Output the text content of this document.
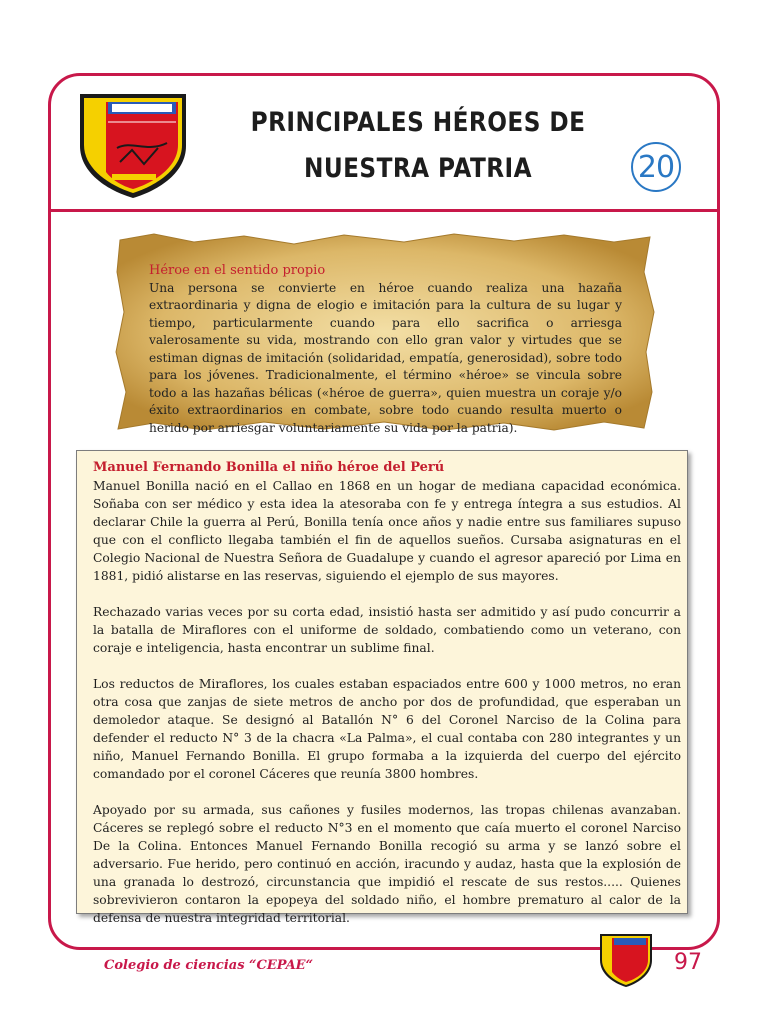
PRINCIPALES HÉROES DE
NUESTRA PATRIA	20
Héroe en el sentido propio
Una persona se convierte en héroe cuando realiza una hazaña extraordinaria y digna de elogio e imitación para la cultura de su lugar y tiempo, particularmente cuando para ello sacrifica o arriesga valerosamente su vida, mostrando con ello gran valor y virtudes que se estiman dignas de imitación (solidaridad, empatía, generosidad), sobre todo para los jóvenes. Tradicionalmente, el término «héroe» se vincula sobre todo a las hazañas bélicas («héroe de guerra», quien muestra un coraje y/o éxito extraordinarios en combate, sobre todo cuando resulta muerto o herido por arriesgar voluntariamente su vida por la patria).
Manuel Fernando Bonilla el niño héroe del Perú

Manuel Bonilla nació en el Callao en 1868 en un hogar de mediana capacidad económica. Soñaba con ser médico y esta idea la atesoraba con fe y entrega íntegra a sus estudios. Al declarar Chile la guerra al Perú, Bonilla tenía once años y nadie entre sus familiares supuso que con el conflicto llegaba también el fin de aquellos sueños. Cursaba asignaturas en el Colegio Nacional de Nuestra Señora de Guadalupe y cuando el agresor apareció por Lima en 1881, pidió alistarse en las reservas, siguiendo el ejemplo de sus mayores.

Rechazado varias veces por su corta edad, insistió hasta ser admitido y así pudo concurrir a la batalla de Miraflores con el uniforme de soldado, combatiendo como un veterano, con coraje e inteligencia, hasta encontrar un sublime final.

Los reductos de Miraflores, los cuales estaban espaciados entre 600 y 1000 metros, no eran otra cosa que zanjas de siete metros de ancho por dos de profundidad, que esperaban un demoledor ataque. Se designó al Batallón N° 6 del Coronel Narciso de la Colina para defender el reducto N° 3 de la chacra «La Palma», el cual contaba con 280 integrantes y un niño, Manuel Fernando Bonilla. El grupo formaba a la izquierda del cuerpo del ejército comandado por el coronel Cáceres que reunía 3800 hombres.

Apoyado por su armada, sus cañones y fusiles modernos, las tropas chilenas avanzaban. Cáceres se replegó sobre el reducto N°3 en el momento que caía muerto el coronel Narciso De la Colina. Entonces Manuel Fernando Bonilla recogió su arma y se lanzó sobre el adversario. Fue herido, pero continuó en acción, iracundo y audaz, hasta que la explosión de una granada lo destrozó, circunstancia que impidió el rescate de sus restos..... Quienes sobrevivieron contaron la epopeya del soldado niño, el hombre prematuro al calor de la defensa de nuestra integridad territorial.

Colegio de ciencias “CEPAE“	97
